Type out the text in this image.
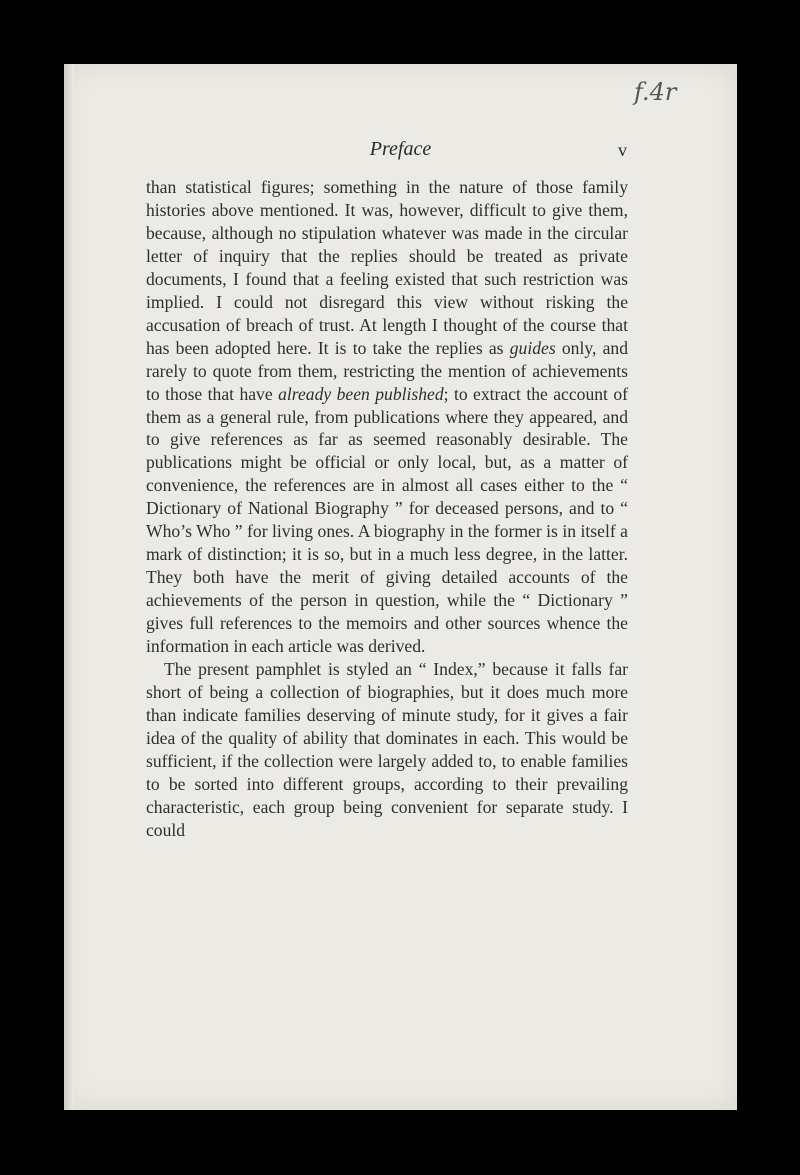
f.4r
Preface	v

than statistical figures; something in the nature of those family histories above mentioned. It was, however, difficult to give them, because, although no stipulation whatever was made in the circular letter of inquiry that the replies should be treated as private documents, I found that a feeling existed that such restriction was implied. I could not disregard this view without risking the accusation of breach of trust. At length I thought of the course that has been adopted here. It is to take the replies as guides only, and rarely to quote from them, restricting the mention of achievements to those that have already been published; to extract the account of them as a general rule, from publications where they appeared, and to give references as far as seemed reasonably desirable. The publications might be official or only local, but, as a matter of convenience, the references are in almost all cases either to the “ Dictionary of National Biography ” for deceased persons, and to “ Who’s Who ” for living ones. A biography in the former is in itself a mark of distinction; it is so, but in a much less degree, in the latter. They both have the merit of giving detailed accounts of the achievements of the person in question, while the “ Dictionary ” gives full references to the memoirs and other sources whence the information in each article was derived.

The present pamphlet is styled an “ Index,” because it falls far short of being a collection of biographies, but it does much more than indicate families deserving of minute study, for it gives a fair idea of the quality of ability that dominates in each. This would be sufficient, if the collection were largely added to, to enable families to be sorted into different groups, according to their prevailing characteristic, each group being convenient for separate study. I could
